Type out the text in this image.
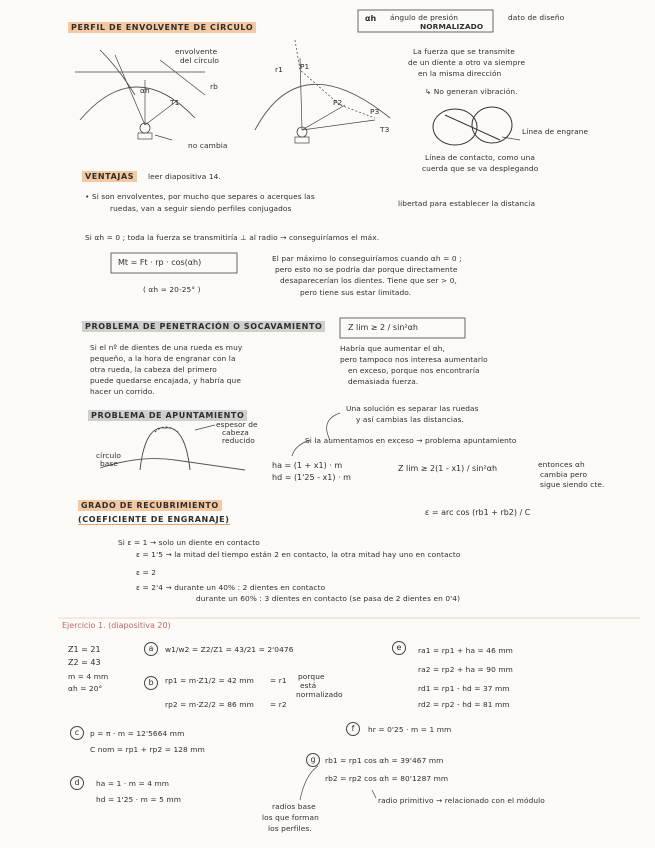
PERFIL DE ENVOLVENTE DE CÍRCULO
αh ángulo de presión
NORMALIZADO
dato de diseño
envolvente
del círculo
no cambia
αh	rb
T1
P1
P2
P3
T3
r1
La fuerza que se transmite
de un diente a otro va siempre
en la misma dirección
↳ No generan vibración.
Línea de engrane
Línea de contacto, como una
cuerda que se va desplegando
VENTAJAS	leer diapositiva 14.
• Si son envolventes, por mucho que separes o acerques las
ruedas, van a seguir siendo perfiles conjugados
libertad para establecer la distancia
Si αh = 0 ; toda la fuerza se transmitiría ⊥ al radio → conseguiríamos el máx.
Mt = Ft · rp · cos(αh)
( αh ≈ 20-25° )
El par máximo lo conseguiríamos cuando αh = 0 ;
pero esto no se podría dar porque directamente
desaparecerían los dientes. Tiene que ser > 0,
pero tiene sus estar limitado.
PROBLEMA DE PENETRACIÓN O SOCAVAMIENTO	Z lim ≥ 2 / sin²αh
Si el nº de dientes de una rueda es muy
pequeño, a la hora de engranar con la
otra rueda, la cabeza del primero
puede quedarse encajada, y habría que
hacer un corrido.
Habría que aumentar el αh,
pero tampoco nos interesa aumentarlo
en exceso, porque nos encontraría
demasiada fuerza.
PROBLEMA DE APUNTAMIENTO
espesor de
cabeza
reducido
círculo
base
Una solución es separar las ruedas
y así cambias las distancias.
Si la aumentamos en exceso → problema apuntamiento
ha = (1 + x1) · m
hd = (1'25 - x1) · m
Z lim ≥ 2(1 - x1) / sin²αh	entonces αh
cambia pero
sigue siendo cte.
GRADO DE RECUBRIMIENTO
(COEFICIENTE DE ENGRANAJE)
ε = arc cos (rb1 + rb2) / C
Si ε = 1 → solo un diente en contacto
ε = 1'5 → la mitad del tiempo están 2 en contacto, la otra mitad hay uno en contacto
ε = 2
ε = 2'4 → durante un 40% : 2 dientes en contacto
durante un 60% : 3 dientes en contacto (se pasa de 2 dientes en 0'4)
Ejercicio 1. (diapositiva 20)
Z1 = 21
Z2 = 43
m = 4 mm
αh = 20°
a	w1/w2 = Z2/Z1 = 43/21 = 2'0476
b	rp1 = m·Z1/2 = 42 mm = r1
rp2 = m·Z2/2 = 86 mm = r2
porque
está
normalizado
c	p = π · m = 12'5664 mm
C nom = rp1 + rp2 = 128 mm
d	ha = 1 · m = 4 mm
hd = 1'25 · m = 5 mm
e	ra1 = rp1 + ha = 46 mm
ra2 = rp2 + ha = 90 mm
rd1 = rp1 - hd = 37 mm
rd2 = rp2 - hd = 81 mm
f	hr = 0'25 · m = 1 mm
g	rb1 = rp1 cos αh = 39'467 mm
rb2 = rp2 cos αh = 80'1287 mm
radio primitivo → relacionado con el módulo
radios base
los que forman
los perfiles.
